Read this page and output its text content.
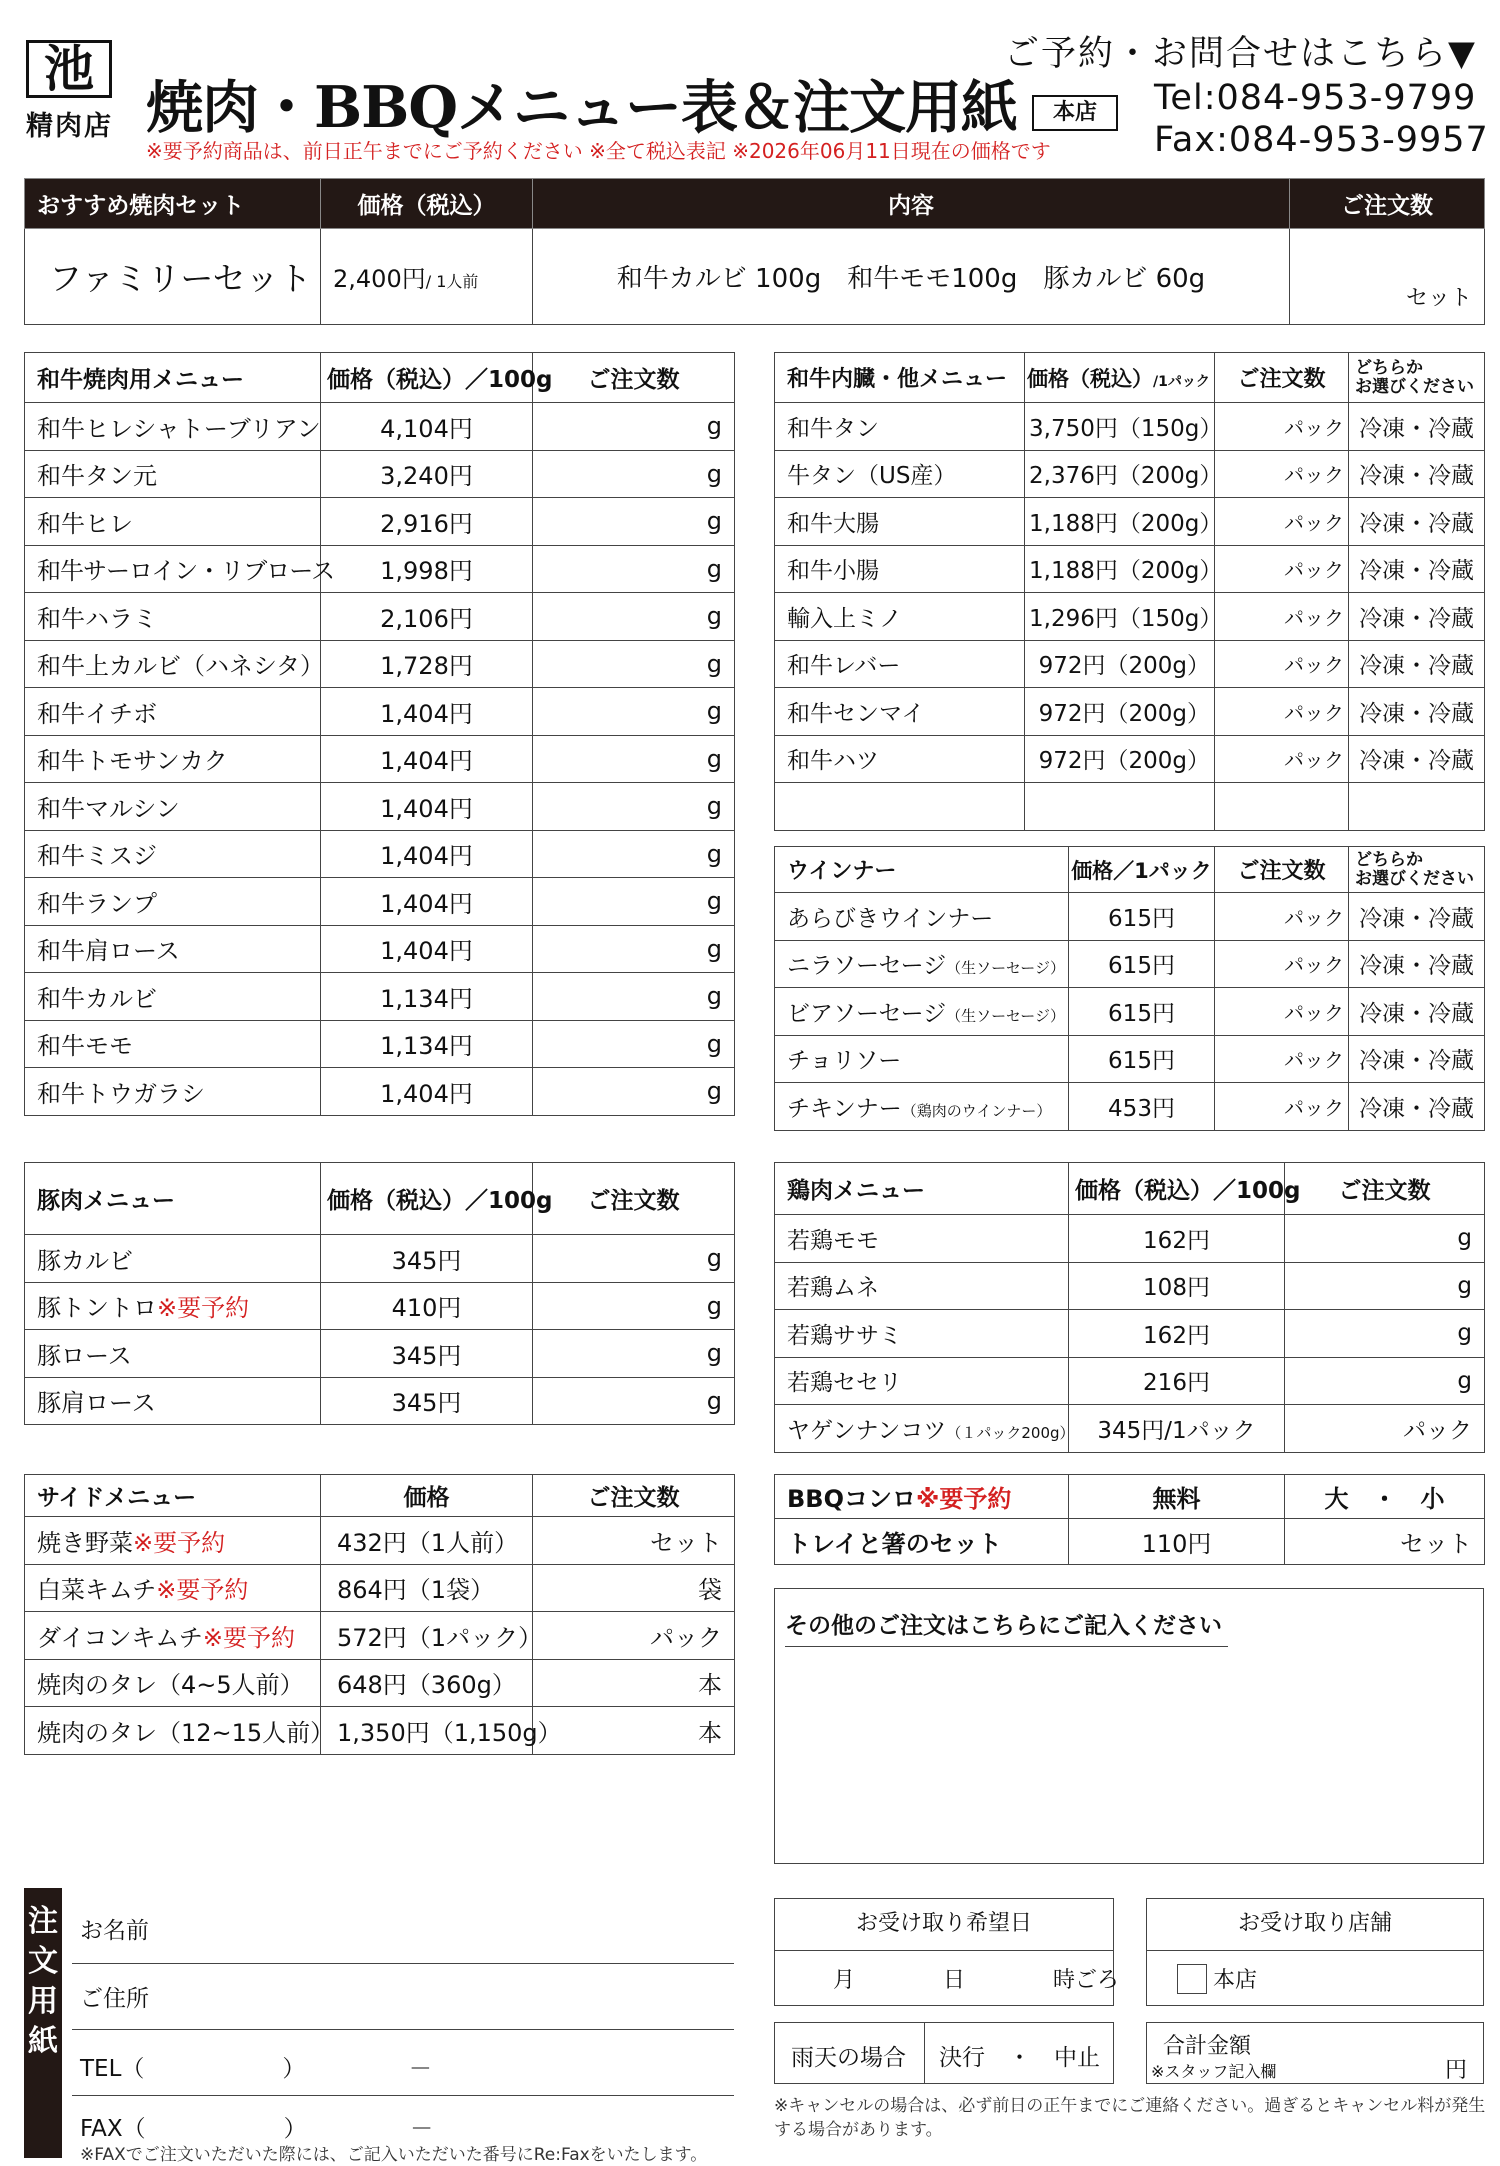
池
精肉店 焼肉・BBQメニュー表＆注文用紙
※要予約商品は、前日正午までにご予約ください ※全て税込表記 ※2026年06月11日現在の価格です
本店
ご予約・お問合せはこちら▼
Tel:084-953-9799
Fax:084-953-9957
おすすめ焼肉セット	価格（税込）	内容	ご注文数
ファミリーセット	2,400円/ 1人前	和牛カルビ 100g　和牛モモ100g　豚カルビ 60g	セット
和牛焼肉用メニュー	価格（税込）／100g	ご注文数
和牛ヒレシャトーブリアン	4,104円	g
和牛タン元	3,240円	g
和牛ヒレ	2,916円	g
和牛サーロイン・リブロース	1,998円	g
和牛ハラミ	2,106円	g
和牛上カルビ（ハネシタ）	1,728円	g
和牛イチボ	1,404円	g
和牛トモサンカク	1,404円	g
和牛マルシン	1,404円	g
和牛ミスジ	1,404円	g
和牛ランプ	1,404円	g
和牛肩ロース	1,404円	g
和牛カルビ	1,134円	g
和牛モモ	1,134円	g
和牛トウガラシ	1,404円	g
和牛内臓・他メニュー	価格（税込）/1パック	ご注文数	どちらか
お選びください

和牛タン	3,750円（150g）	パック	冷凍・冷蔵
牛タン（US産）	2,376円（200g）	パック	冷凍・冷蔵
和牛大腸	1,188円（200g）	パック	冷凍・冷蔵
和牛小腸	1,188円（200g）	パック	冷凍・冷蔵
輸入上ミノ	1,296円（150g）	パック	冷凍・冷蔵
和牛レバー	972円（200g）	パック	冷凍・冷蔵
和牛センマイ	972円（200g）	パック	冷凍・冷蔵
和牛ハツ	972円（200g）	パック	冷凍・冷蔵

ウインナー	価格／1パック	ご注文数	どちらか
お選びください

あらびきウインナー	615円	パック	冷凍・冷蔵
ニラソーセージ（生ソーセージ）	615円	パック	冷凍・冷蔵
ビアソーセージ（生ソーセージ）	615円	パック	冷凍・冷蔵
チョリソー	615円	パック	冷凍・冷蔵
チキンナー（鶏肉のウインナー）	453円	パック	冷凍・冷蔵
豚肉メニュー	価格（税込）／100g	ご注文数
豚カルビ	345円	g
豚トントロ※要予約	410円	g
豚ロース	345円	g
豚肩ロース	345円	g
鶏肉メニュー	価格（税込）／100g	ご注文数
若鶏モモ	162円	g
若鶏ムネ	108円	g
若鶏ササミ	162円	g
若鶏セセリ	216円	g
ヤゲンナンコツ（１パック200g）	345円/1パック	パック
サイドメニュー	価格	ご注文数
焼き野菜※要予約	432円（1人前）	セット
白菜キムチ※要予約	864円（1袋）	袋
ダイコンキムチ※要予約	572円（1パック）	パック
焼肉のタレ（4~5人前）	648円（360g）	本
焼肉のタレ（12~15人前）	1,350円（1,150g）	本
BBQコンロ※要予約	無料	大　・　小
トレイと箸のセット	110円	セット
その他のご注文はこちらにご記入ください
注
文
用
紙
お名前
ご住所
TEL（　　　　　　）　　　　　－
FAX（　　　　　　）　　　　　－
※FAXでご注文いただいた際には、ご記入いただいた番号にRe:Faxをいたします。
お受け取り希望日
月　　　　日　　　　時ごろ
お受け取り店舗
本店
雨天の場合	決行　・　中止	合計金額
※スタッフ記入欄	円
※キャンセルの場合は、必ず前日の正午までにご連絡ください。過ぎるとキャンセル料が発生する場合があります。
